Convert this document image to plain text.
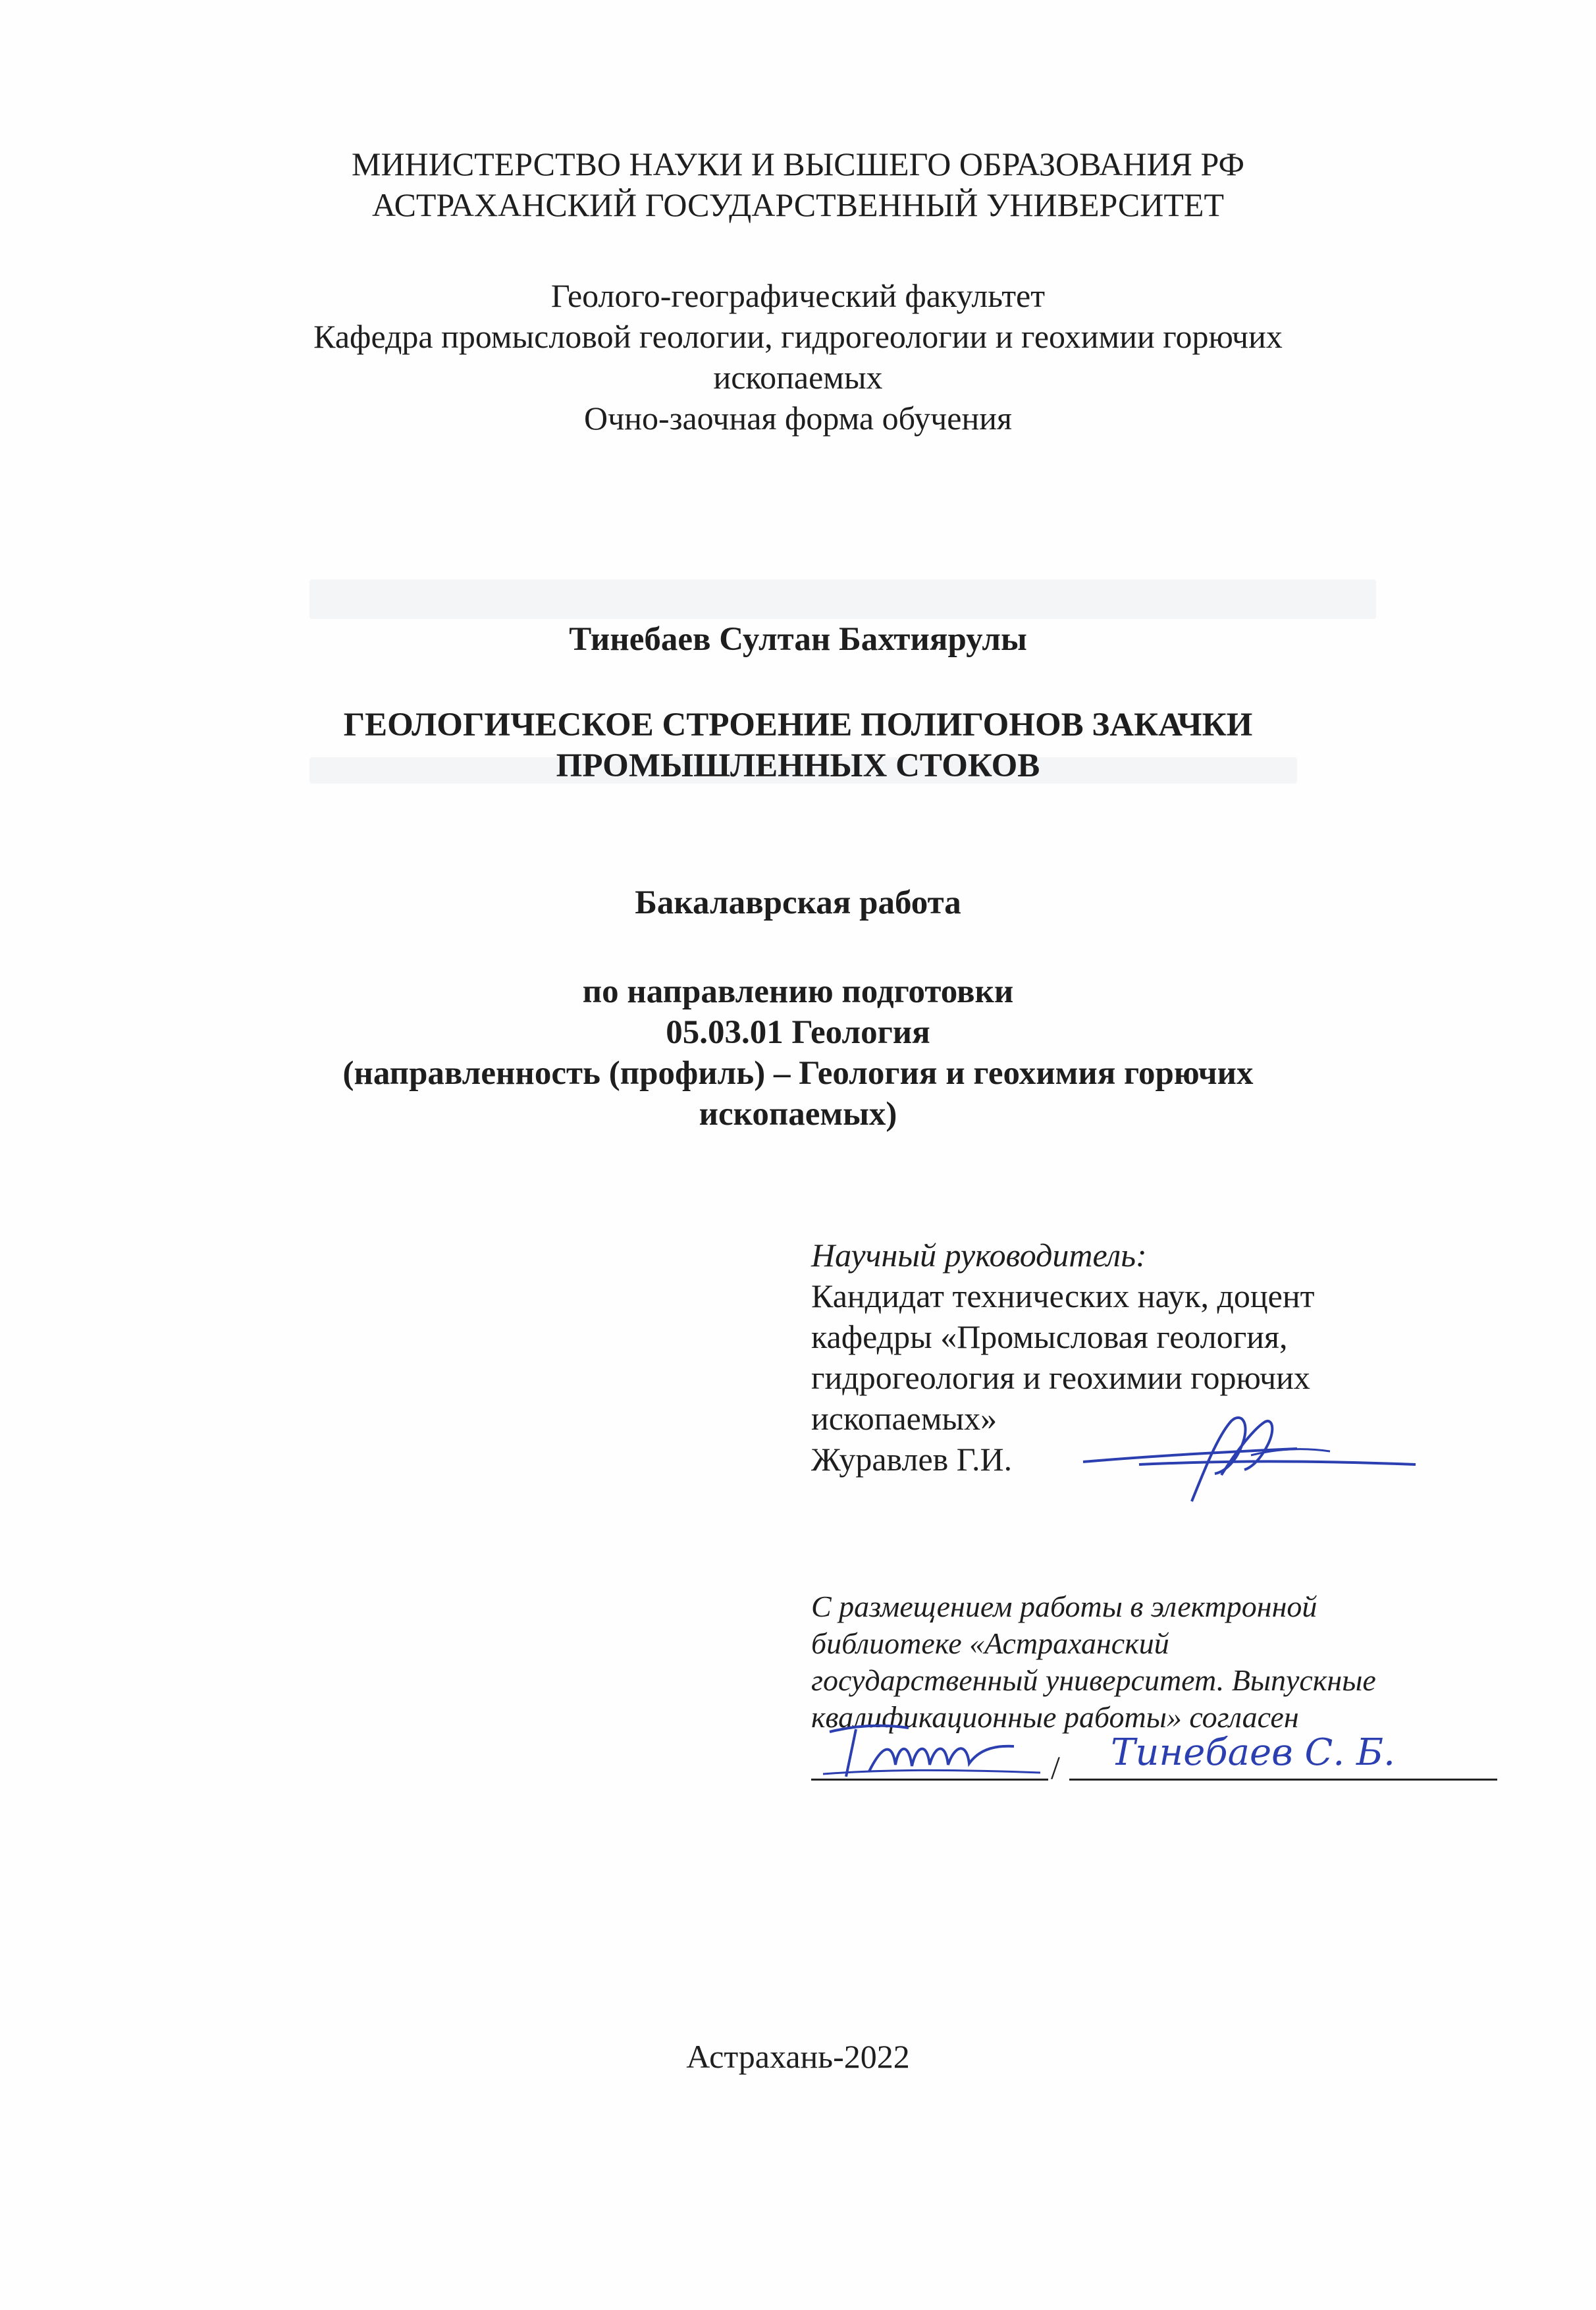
МИНИСТЕРСТВО НАУКИ И ВЫСШЕГО ОБРАЗОВАНИЯ РФ
АСТРАХАНСКИЙ ГОСУДАРСТВЕННЫЙ УНИВЕРСИТЕТ
Геолого-географический факультет
Кафедра промысловой геологии, гидрогеологии и геохимии горючих
ископаемых
Очно-заочная форма обучения
Тинебаев Султан Бахтиярулы
ГЕОЛОГИЧЕСКОЕ СТРОЕНИЕ ПОЛИГОНОВ ЗАКАЧКИ
ПРОМЫШЛЕННЫХ СТОКОВ
Бакалаврская работа
по направлению подготовки
05.03.01 Геология
(направленность (профиль) – Геология и геохимия горючих
ископаемых)
Научный руководитель:
Кандидат технических наук, доцент
кафедры «Промысловая геология,
гидрогеология и геохимии горючих
ископаемых»
Журавлев Г.И.
С размещением работы в электронной
библиотеке «Астраханский
государственный университет. Выпускные
квалификационные работы» согласен
/ Тинебаев С. Б.
Астрахань-2022
